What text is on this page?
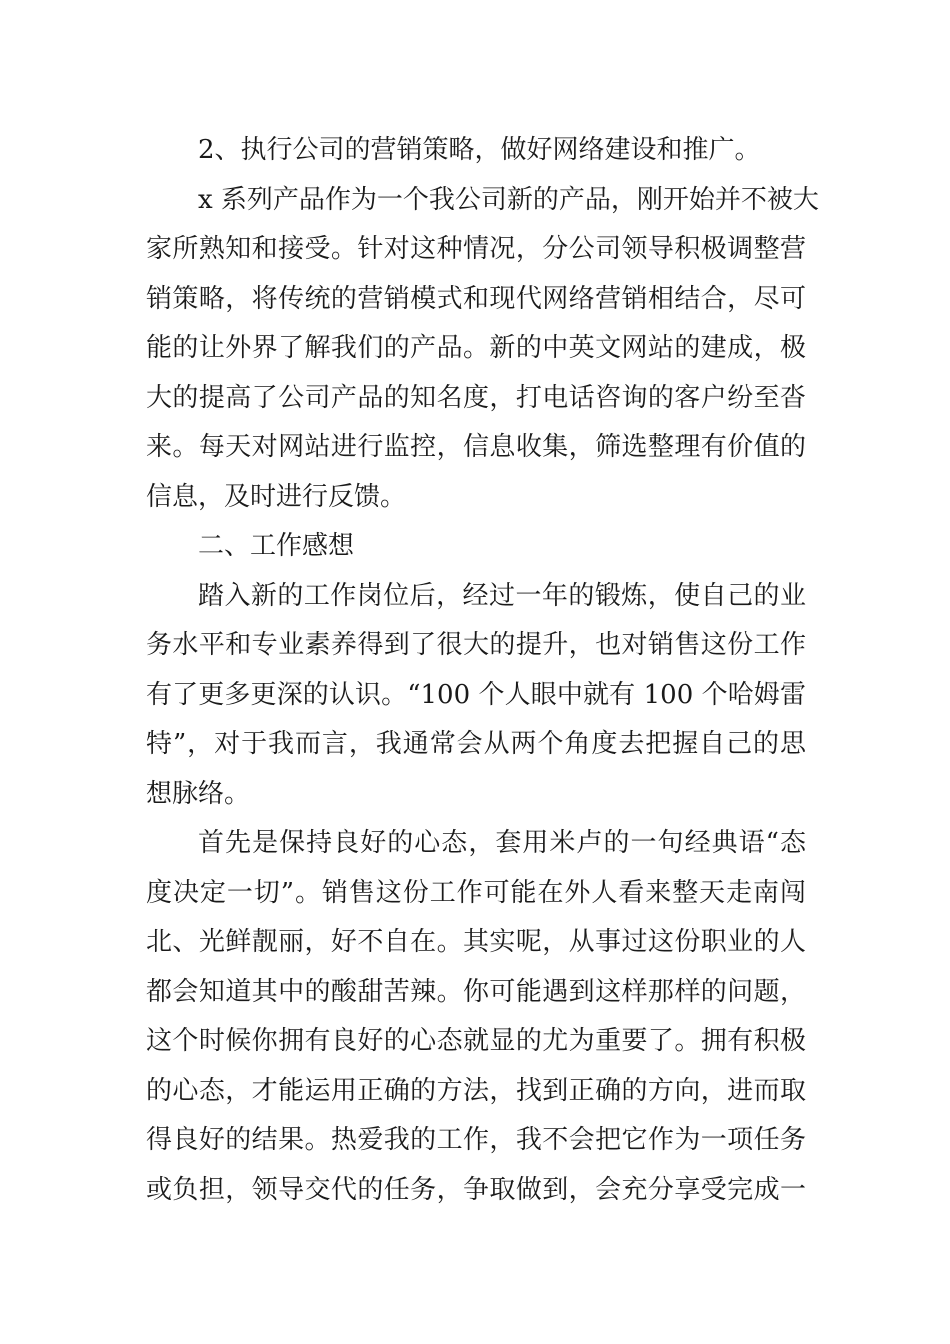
2、执行公司的营销策略，做好网络建设和推广。

x 系列产品作为一个我公司新的产品，刚开始并不被大
家所熟知和接受。针对这种情况，分公司领导积极调整营
销策略，将传统的营销模式和现代网络营销相结合，尽可
能的让外界了解我们的产品。新的中英文网站的建成，极
大的提高了公司产品的知名度，打电话咨询的客户纷至沓
来。每天对网站进行监控，信息收集，筛选整理有价值的
信息，及时进行反馈。

二、工作感想

踏入新的工作岗位后，经过一年的锻炼，使自己的业
务水平和专业素养得到了很大的提升，也对销售这份工作
有了更多更深的认识。“100 个人眼中就有 100 个哈姆雷
特”，对于我而言，我通常会从两个角度去把握自己的思
想脉络。

首先是保持良好的心态，套用米卢的一句经典语“态
度决定一切”。销售这份工作可能在外人看来整天走南闯
北、光鲜靓丽，好不自在。其实呢，从事过这份职业的人
都会知道其中的酸甜苦辣。你可能遇到这样那样的问题，
这个时候你拥有良好的心态就显的尤为重要了。拥有积极
的心态，才能运用正确的方法，找到正确的方向，进而取
得良好的结果。热爱我的工作，我不会把它作为一项任务
或负担，领导交代的任务，争取做到，会充分享受完成一
